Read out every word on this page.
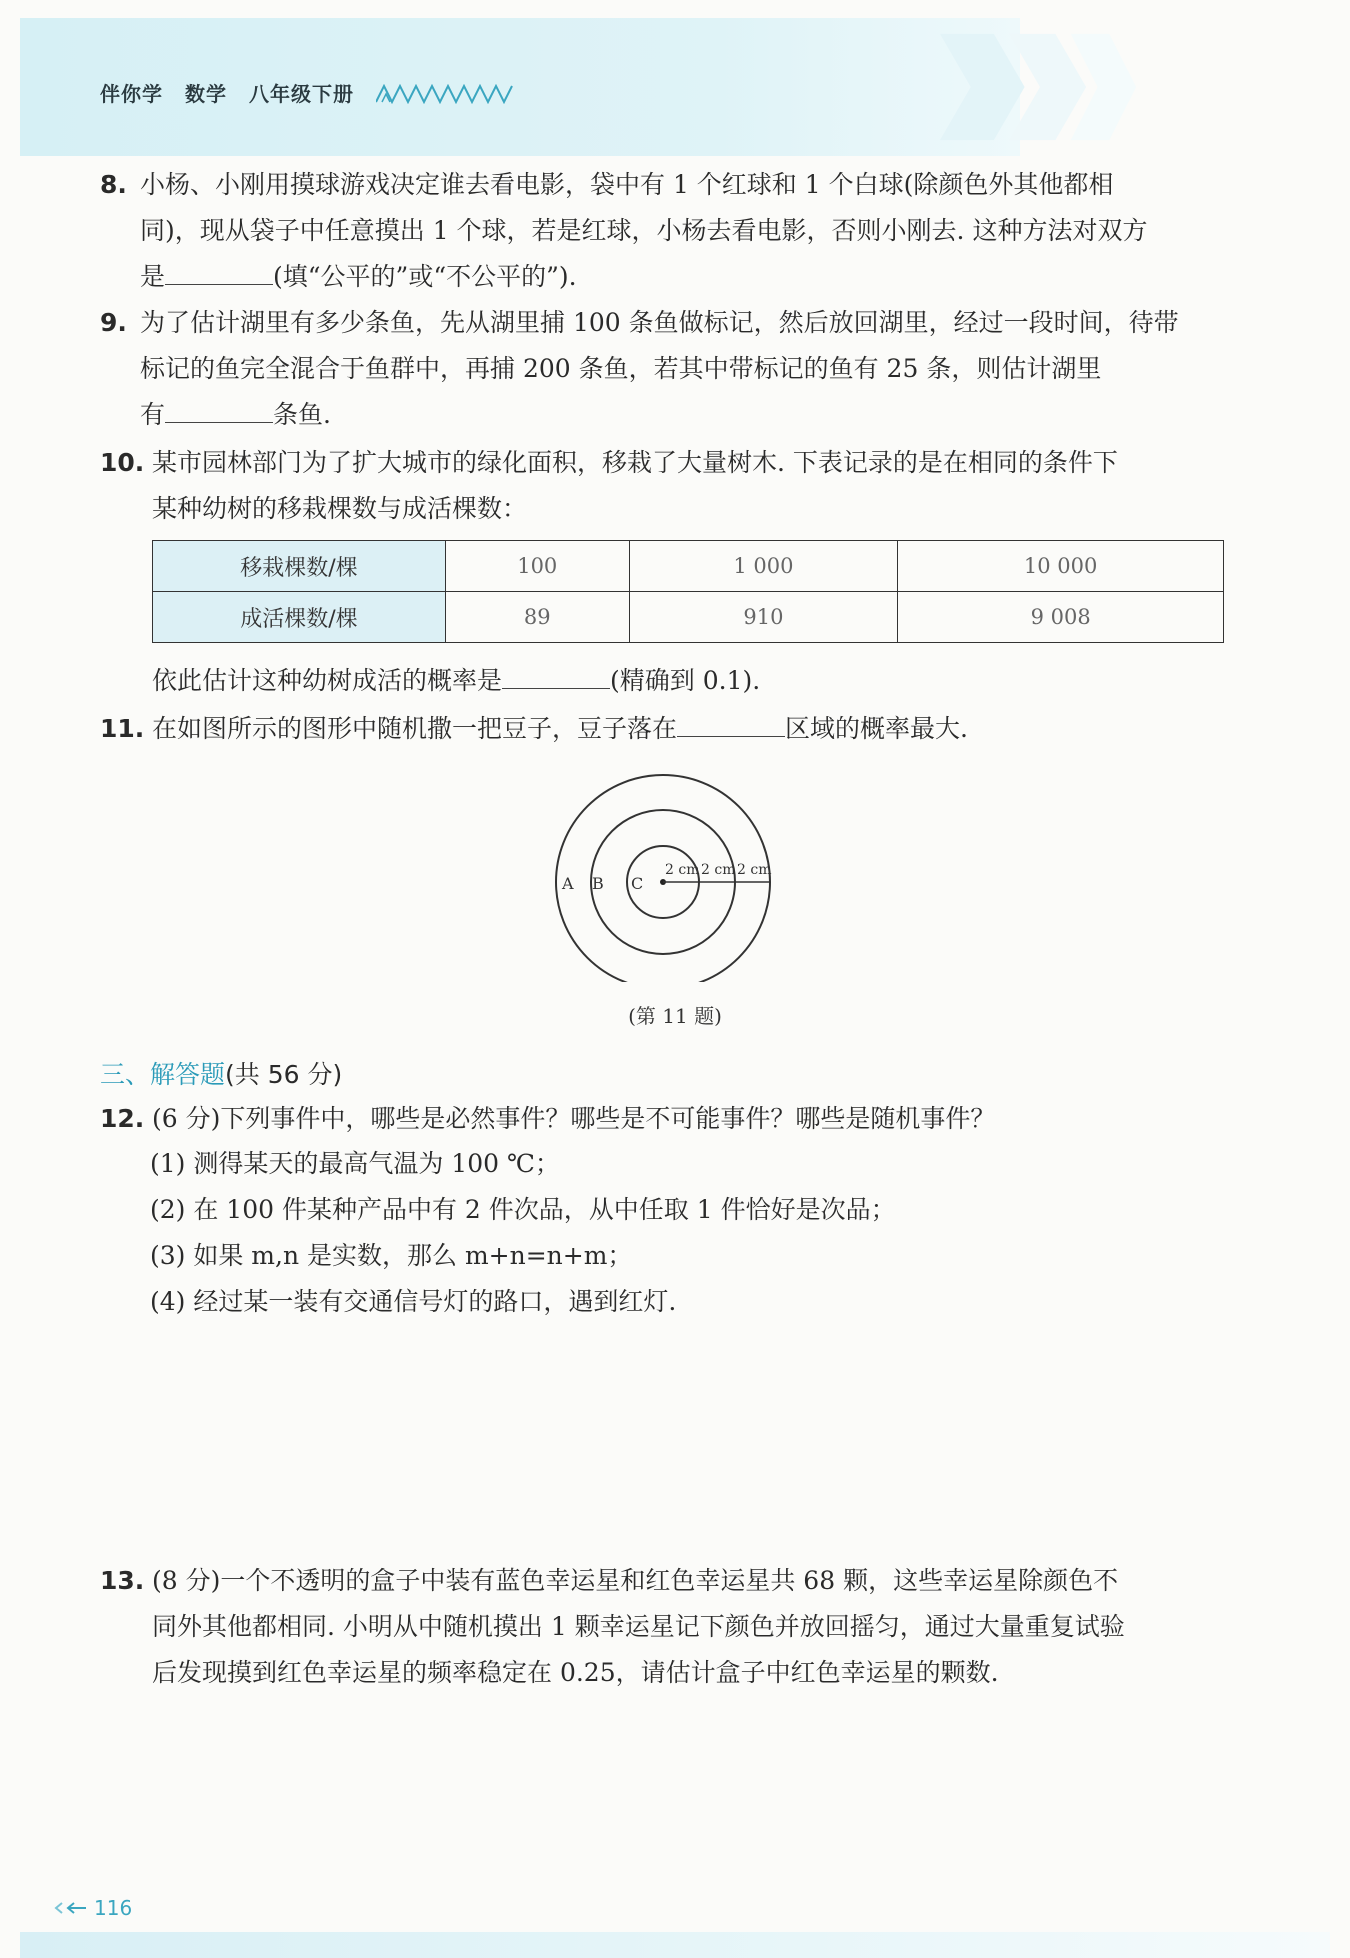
伴你学 数学 八年级下册
8. 小杨、小刚用摸球游戏决定谁去看电影，袋中有 1 个红球和 1 个白球(除颜色外其他都相
同)，现从袋子中任意摸出 1 个球，若是红球，小杨去看电影，否则小刚去. 这种方法对双方
是	(填“公平的”或“不公平的”).
9. 为了估计湖里有多少条鱼，先从湖里捕 100 条鱼做标记，然后放回湖里，经过一段时间，待带
标记的鱼完全混合于鱼群中，再捕 200 条鱼，若其中带标记的鱼有 25 条，则估计湖里
有	条鱼.
10. 某市园林部门为了扩大城市的绿化面积，移栽了大量树木. 下表记录的是在相同的条件下
某种幼树的移栽棵数与成活棵数：
移栽棵数/棵	100	1 000	10 000
成活棵数/棵	89	910	9 008
依此估计这种幼树成活的概率是	(精确到 0.1).
11. 在如图所示的图形中随机撒一把豆子，豆子落在	区域的概率最大.
A B C
2 cm 2 cm 2 cm
(第 11 题)
三、解答题(共 56 分)
12. (6 分)下列事件中，哪些是必然事件？哪些是不可能事件？哪些是随机事件？
(1) 测得某天的最高气温为 100 ℃；
(2) 在 100 件某种产品中有 2 件次品，从中任取 1 件恰好是次品；
(3) 如果 m,n 是实数，那么 m+n=n+m；
(4) 经过某一装有交通信号灯的路口，遇到红灯.
13. (8 分)一个不透明的盒子中装有蓝色幸运星和红色幸运星共 68 颗，这些幸运星除颜色不
同外其他都相同. 小明从中随机摸出 1 颗幸运星记下颜色并放回摇匀，通过大量重复试验
后发现摸到红色幸运星的频率稳定在 0.25，请估计盒子中红色幸运星的颗数.
116
